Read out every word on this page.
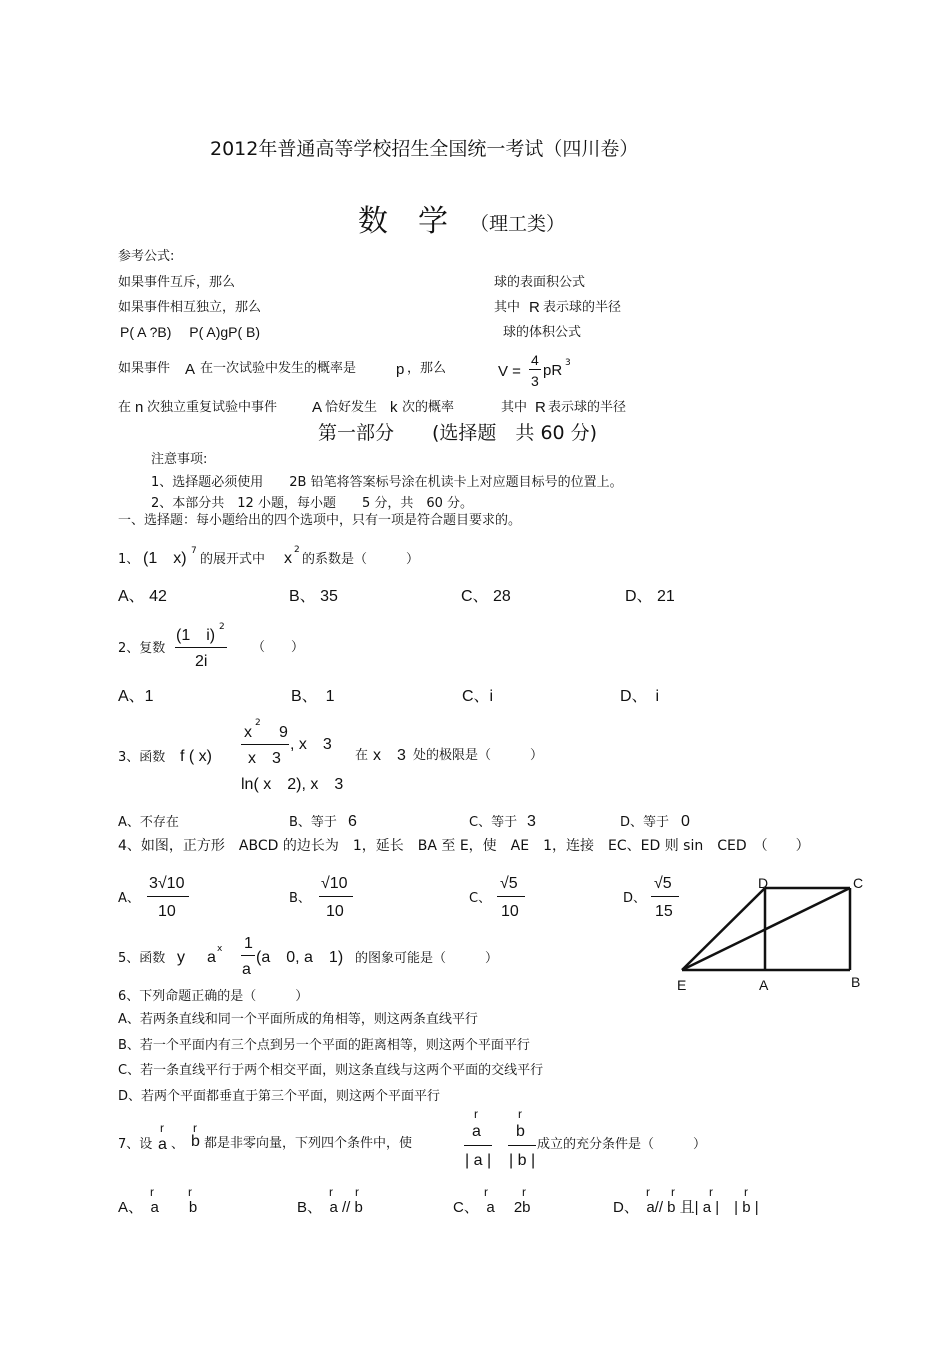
2012年普通高等学校招生全国统一考试（四川卷）
数　学 （理工类）
参考公式:
如果事件互斥，那么
如果事件相互独立，那么
P( A ?B)　 P( A)gP( B)
如果事件 A 在一次试验中发生的概率是	p ，那么
在 n 次独立重复试验中事件 A 恰好发生 k 次的概率
球的表面积公式
其中 R 表示球的半径
球的体积公式
V =
4
3
pR 3
其中 R 表示球的半径
第一部分　　(选择题　共 60 分)
注意事项:
1、选择题必须使用　　2B 铅笔将答案标号涂在机读卡上对应题目标号的位置上。
2、本部分共　12 小题，每小题　　5 分，共　60 分。
一、选择题：每小题给出的四个选项中，只有一项是符合题目要求的。
1、 (1　x) 7
的展开式中 x 2
的系数是（　　　）
A、 42	B、 35	C、 28	D、 21
2、复数
(1　i) 2
2i
（　　）
A、1	B、　1	C、i	D、　i
3、函数 f ( x)
x
2
　9
x　3
, x　3
ln( x　2), x　3
在 x　3 处的极限是（　　　）
A、不存在	B、等于 6	C、等于 3	D、等于 0
4、如图，正方形　ABCD 的边长为　1，延长　BA 至 E，使　AE　1，连接　EC、ED 则 sin　CED　（　　）
A、
3√10
10
B、
√10
10
C、
√5
10
D、
√5
15
D	C
E	A	B
5、函数 y a x 1
a
(a　0, a　1) 的图象可能是（　　　）
6、下列命题正确的是（　　　）
A、若两条直线和同一个平面所成的角相等，则这两条直线平行
B、若一个平面内有三个点到另一个平面的距离相等，则这两个平面平行
C、若一条直线平行于两个相交平面，则这条直线与这两个平面的交线平行
D、若两个平面都垂直于第三个平面，则这两个平面平行
7、设
r
a 、
r
b 都是非零向量，下列四个条件中，使
r
a
| a |
r
b
| b |
成立的充分条件是（　　　）
r	r	r r	r	r	r r	r	r
A、　a　　b	B、　a // b	C、　a　 2b	D、　a// b 且| a |　| b |
